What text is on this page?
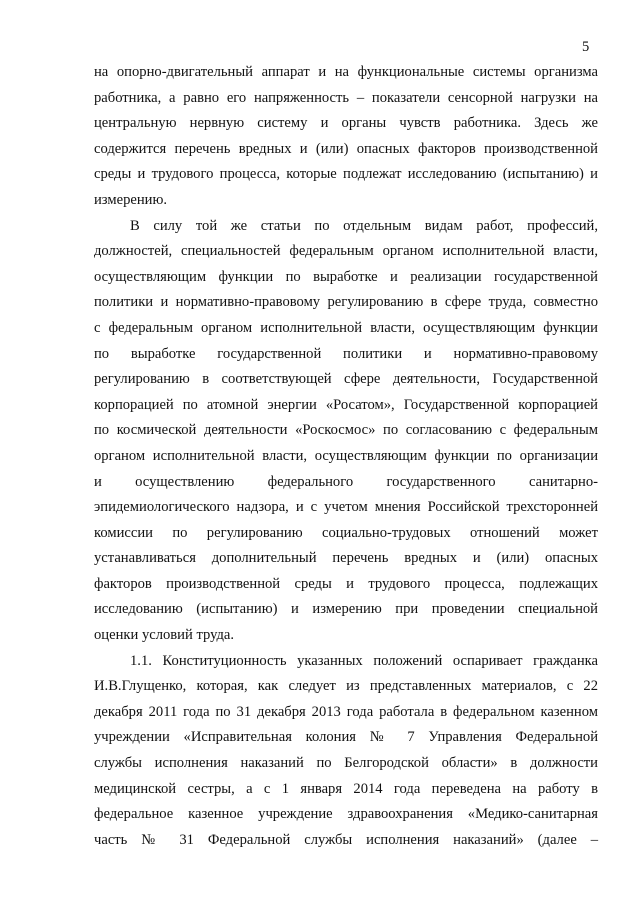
5
на опорно-двигательный аппарат и на функциональные системы организма
работника, а равно его напряженность – показатели сенсорной нагрузки на
центральную нервную систему и органы чувств работника. Здесь же
содержится перечень вредных и (или) опасных факторов производственной
среды и трудового процесса, которые подлежат исследованию (испытанию) и
измерению.
В силу той же статьи по отдельным видам работ, профессий,
должностей, специальностей федеральным органом исполнительной власти,
осуществляющим функции по выработке и реализации государственной
политики и нормативно-правовому регулированию в сфере труда, совместно
с федеральным органом исполнительной власти, осуществляющим функции
по выработке государственной политики и нормативно-правовому
регулированию в соответствующей сфере деятельности, Государственной
корпорацией по атомной энергии «Росатом», Государственной корпорацией
по космической деятельности «Роскосмос» по согласованию с федеральным
органом исполнительной власти, осуществляющим функции по организации
и осуществлению федерального государственного санитарно-
эпидемиологического надзора, и с учетом мнения Российской трехсторонней
комиссии по регулированию социально-трудовых отношений может
устанавливаться дополнительный перечень вредных и (или) опасных
факторов производственной среды и трудового процесса, подлежащих
исследованию (испытанию) и измерению при проведении специальной
оценки условий труда.
1.1. Конституционность указанных положений оспаривает гражданка
И.В.Глущенко, которая, как следует из представленных материалов, с 22
декабря 2011 года по 31 декабря 2013 года работала в федеральном казенном
учреждении «Исправительная колония № 7 Управления Федеральной
службы исполнения наказаний по Белгородской области» в должности
медицинской сестры, а с 1 января 2014 года переведена на работу в
федеральное казенное учреждение здравоохранения «Медико-санитарная
часть № 31 Федеральной службы исполнения наказаний» (далее –
